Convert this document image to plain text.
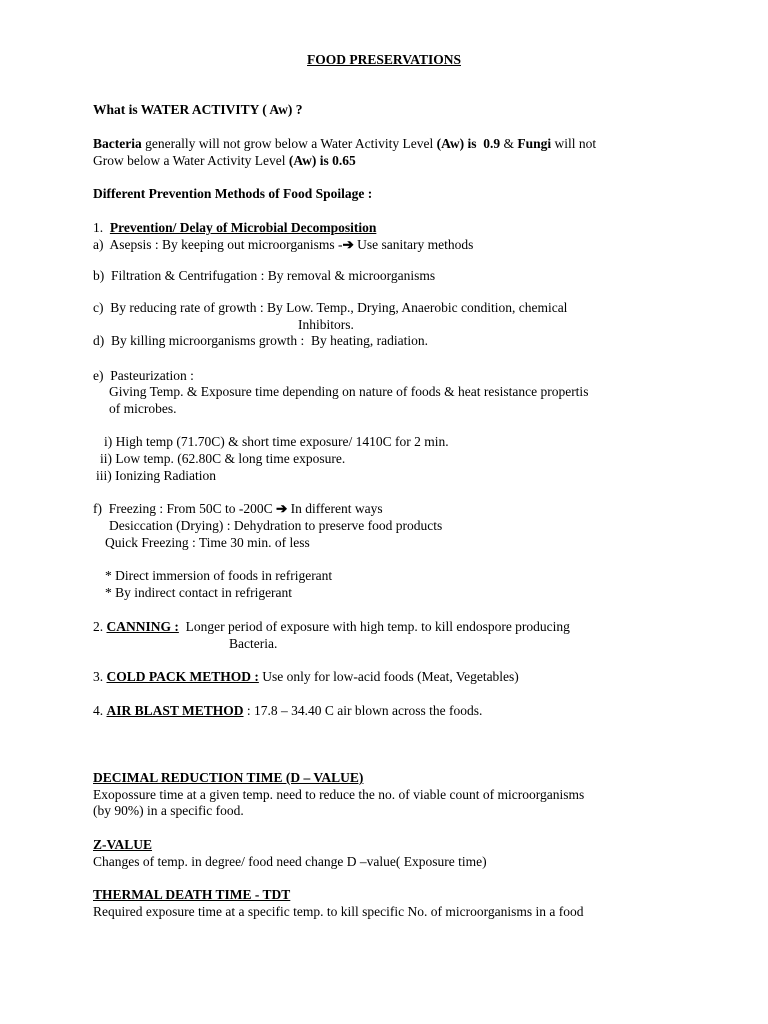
FOOD PRESERVATIONS
What is WATER ACTIVITY ( Aw) ?
Bacteria generally will not grow below a Water Activity Level (Aw) is  0.9 & Fungi will not
Grow below a Water Activity Level (Aw) is 0.65
Different Prevention Methods of Food Spoilage :
1.  Prevention/ Delay of Microbial Decomposition
a)  Asepsis : By keeping out microorganisms -➔ Use sanitary methods
b)  Filtration & Centrifugation : By removal & microorganisms
c)  By reducing rate of growth : By Low. Temp., Drying, Anaerobic condition, chemical
Inhibitors.
d)  By killing microorganisms growth :  By heating, radiation.
e)  Pasteurization :
Giving Temp. & Exposure time depending on nature of foods & heat resistance propertis
of microbes.
i) High temp (71.70C) & short time exposure/ 1410C for 2 min.
ii) Low temp. (62.80C & long time exposure.
iii) Ionizing Radiation
f)  Freezing : From 50C to -200C ➔ In different ways
Desiccation (Drying) : Dehydration to preserve food products
Quick Freezing : Time 30 min. of less
* Direct immersion of foods in refrigerant
* By indirect contact in refrigerant
2. CANNING :  Longer period of exposure with high temp. to kill endospore producing
Bacteria.
3. COLD PACK METHOD : Use only for low-acid foods (Meat, Vegetables)
4. AIR BLAST METHOD : 17.8 – 34.40 C air blown across the foods.
DECIMAL REDUCTION TIME (D – VALUE)
Exopossure time at a given temp. need to reduce the no. of viable count of microorganisms
(by 90%) in a specific food.
Z-VALUE
Changes of temp. in degree/ food need change D –value( Exposure time)
THERMAL DEATH TIME - TDT
Required exposure time at a specific temp. to kill specific No. of microorganisms in a food
